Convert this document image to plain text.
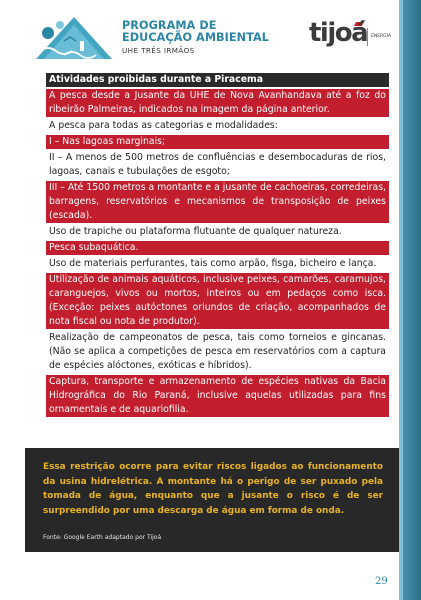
PROGRAMA DE
EDUCAÇÃO AMBIENTAL
UHE TRÊS IRMÃOS
tijoá ENERGIA
Atividades proibidas durante a Piracema
A pesca desde a Jusante da UHE de Nova Avanhandava até a foz do ribeirão Palmeiras, indicados na imagem da página anterior.
A pesca para todas as categorias e modalidades:
I – Nas lagoas marginais;
II – A menos de 500 metros de confluências e desembocaduras de rios, lagoas, canais e tubulações de esgoto;
III – Até 1500 metros a montante e a jusante de cachoeiras, corredeiras, barragens, reservatórios e mecanismos de transposição de peixes (escada).
Uso de trapiche ou plataforma flutuante de qualquer natureza.
Pesca subaquática.
Uso de materiais perfurantes, tais como arpão, fisga, bicheiro e lança.
Utilização de animais aquáticos, inclusive peixes, camarões, caramujos, caranguejos, vivos ou mortos, inteiros ou em pedaços como isca. (Exceção: peixes autóctones oriundos de criação, acompanhados de nota fiscal ou nota de produtor).
Realização de campeonatos de pesca, tais como torneios e gincanas. (Não se aplica a competições de pesca em reservatórios com a captura de espécies alóctones, exóticas e híbridos).
Captura, transporte e armazenamento de espécies nativas da Bacia Hidrográfica do Rio Paraná, inclusive aquelas utilizadas para fins ornamentais e de aquariofilia.
Essa restrição ocorre para evitar riscos ligados ao funcionamento da usina hidrelétrica. A montante há o perigo de ser puxado pela tomada de água, enquanto que a jusante o risco é de ser surpreendido por uma descarga de água em forma de onda.
Fonte: Google Earth adaptado por Tijoá
29
